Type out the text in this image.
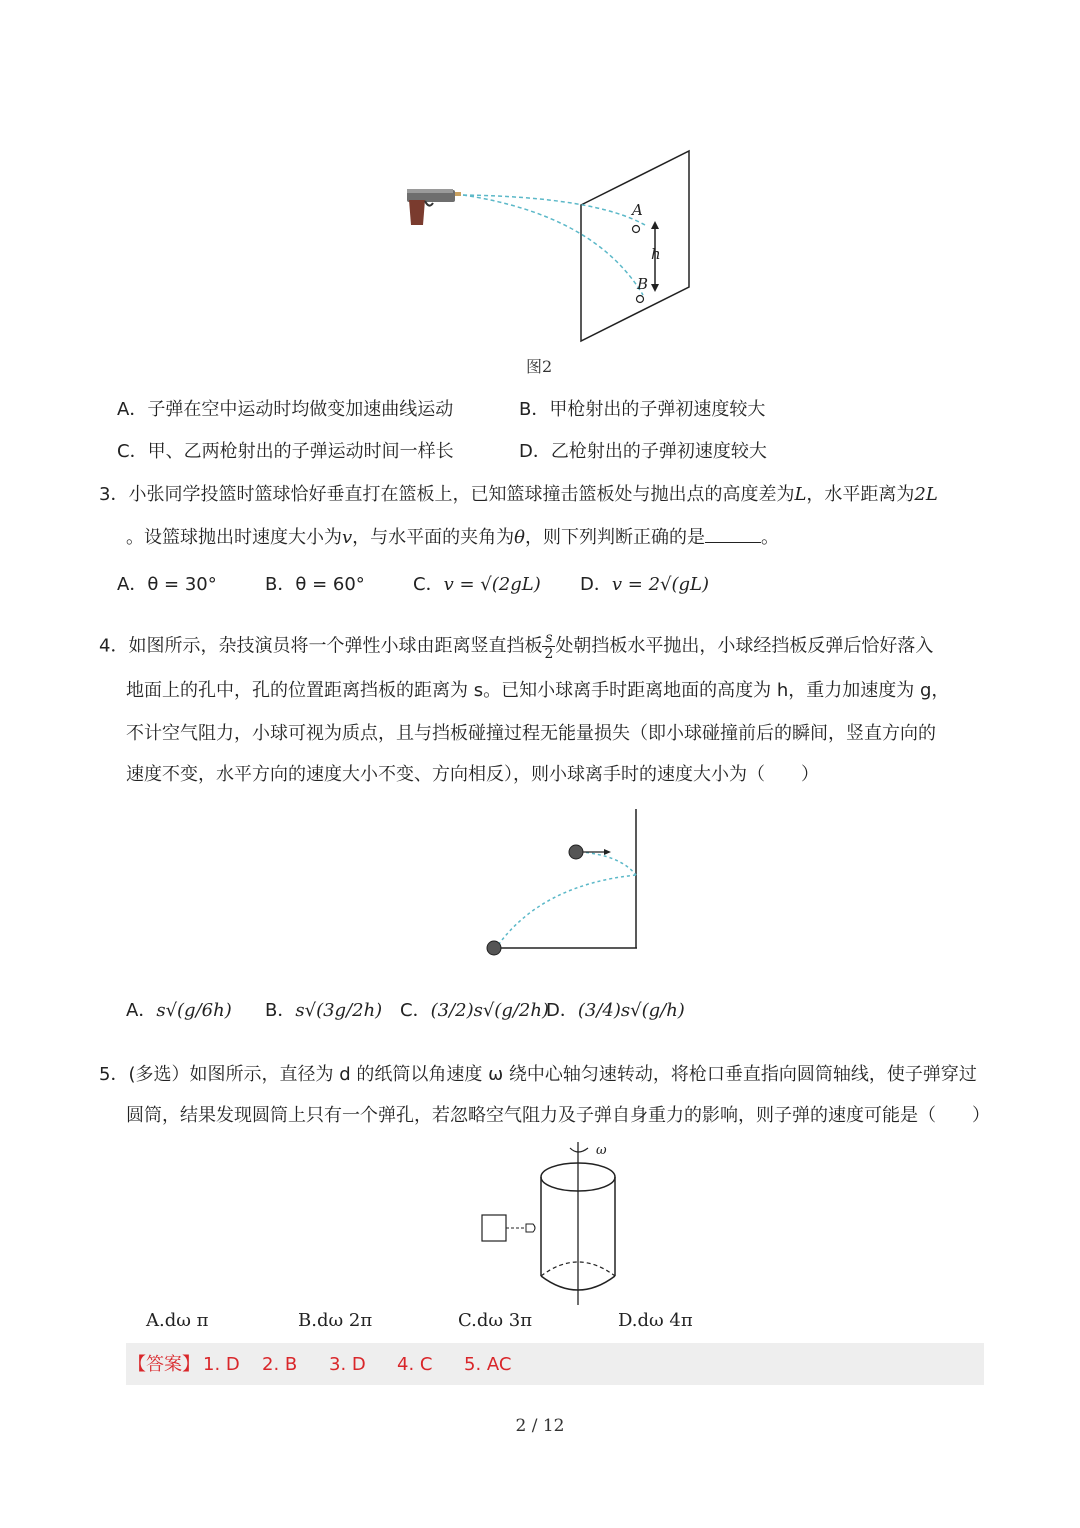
A
B
h
图2
A．子弹在空中运动时均做变加速曲线运动	B．甲枪射出的子弹初速度较大
C．甲、乙两枪射出的子弹运动时间一样长	D．乙枪射出的子弹初速度较大
3．小张同学投篮时篮球恰好垂直打在篮板上，已知篮球撞击篮板处与抛出点的高度差为L，水平距离为2L
。设篮球抛出时速度大小为v，与水平面的夹角为θ，则下列判断正确的是	。
A．θ = 30°	B．θ = 60°	C．v = √(2gL) D．v = 2√(gL)
4．如图所示，杂技演员将一个弹性小球由距离竖直挡板 $\frac{s}{2}$ 处朝挡板水平抛出，小球经挡板反弹后恰好落入
地面上的孔中，孔的位置距离挡板的距离为 s。已知小球离手时距离地面的高度为 h，重力加速度为 g，
不计空气阻力，小球可视为质点，且与挡板碰撞过程无能量损失（即小球碰撞前后的瞬间，竖直方向的
速度不变，水平方向的速度大小不变、方向相反），则小球离手时的速度大小为（　　）
A．s√(g/6h) B．s√(3g/2h) C．(3/2)s√(g/2h)
D．(3/4)s√(g/h)
5．(多选）如图所示，直径为 d 的纸筒以角速度 ω 绕中心轴匀速转动，将枪口垂直指向圆筒轴线，使子弹穿过
圆筒，结果发现圆筒上只有一个弹孔，若忽略空气阻力及子弹自身重力的影响，则子弹的速度可能是（　　）
ω
A.dω π	B.dω 2π	C.dω 3π	D.dω 4π
【答案】 1. D 2. B 3. D 4. C 5. AC
2 / 12
